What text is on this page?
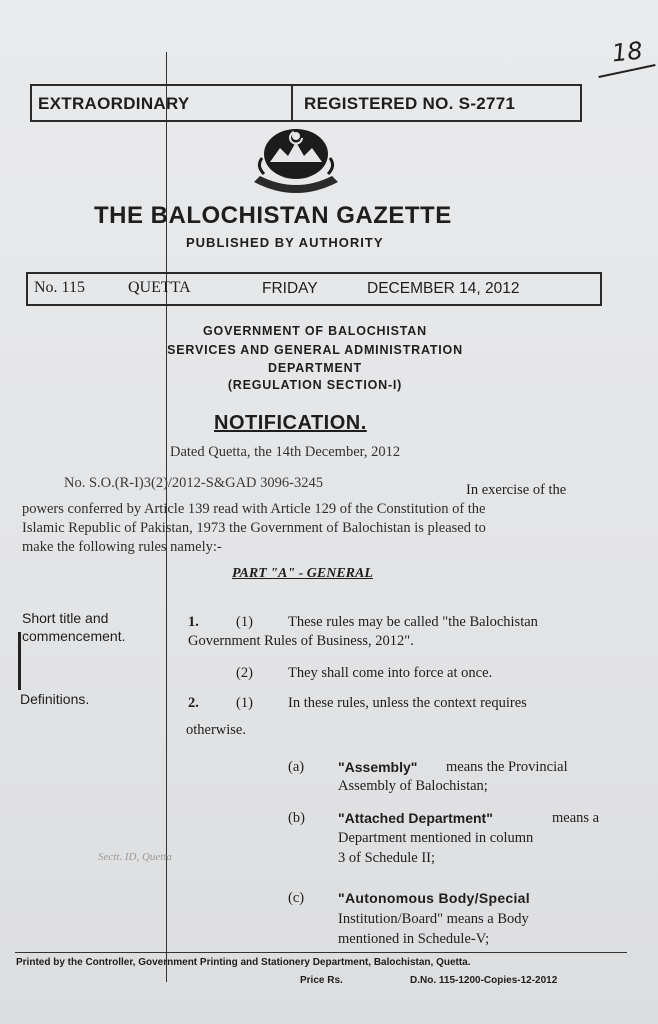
18
EXTRAORDINARY	REGISTERED NO. S-2771
THE BALOCHISTAN GAZETTE
PUBLISHED BY AUTHORITY
No. 115	QUETTA	FRIDAY	DECEMBER 14, 2012
GOVERNMENT OF BALOCHISTAN
SERVICES AND GENERAL ADMINISTRATION
DEPARTMENT
(REGULATION SECTION-I)
NOTIFICATION.
Dated Quetta, the 14th December, 2012
No. S.O.(R-I)3(2)/2012-S&GAD 3096-3245	In exercise of the
powers conferred by Article 139 read with Article 129 of the Constitution of the
Islamic Republic of Pakistan, 1973 the Government of Balochistan is pleased to
make the following rules namely:-
PART "A" - GENERAL
Short title and
commencement.
1.	(1) These rules may be called "the Balochistan
Government Rules of Business, 2012".
(2) They shall come into force at once.
Definitions.	2.	(1) In these rules, unless the context requires
otherwise.
(a) "Assembly" means the Provincial
Assembly of Balochistan;
(b) "Attached Department"	means a
Department mentioned in column
3 of Schedule II;
Sectt. ID, Quetta
(c) "Autonomous Body/Special
Institution/Board" means a Body
mentioned in Schedule-V;
Printed by the Controller, Government Printing and Stationery Department, Balochistan, Quetta.
Price Rs.	D.No. 115-1200-Copies-12-2012
